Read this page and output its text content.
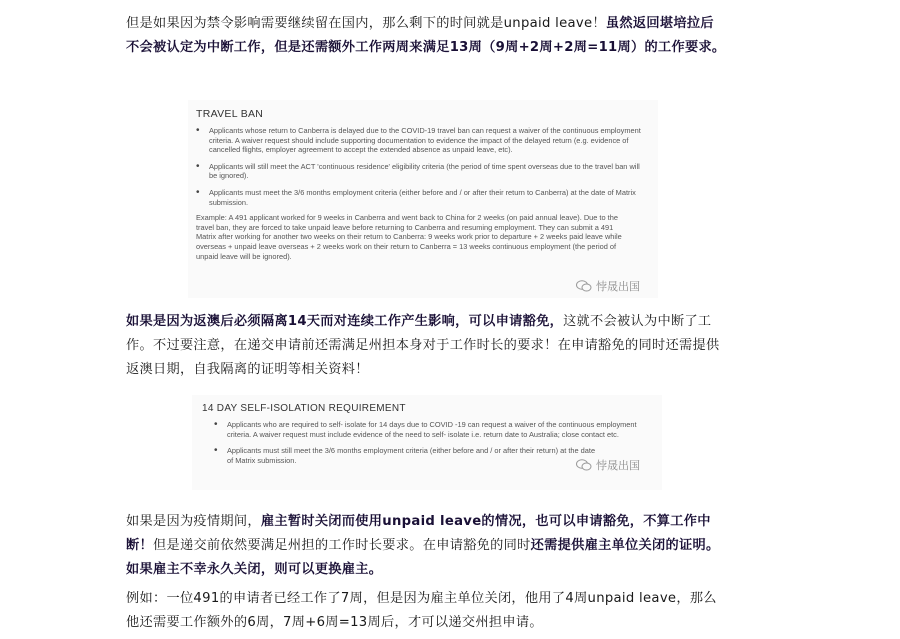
但是如果因为禁令影响需要继续留在国内，那么剩下的时间就是unpaid leave！虽然返回堪培拉后不会被认定为中断工作，但是还需额外工作两周来满足13周（9周+2周+2周=11周）的工作要求。
TRAVEL BAN
• Applicants whose return to Canberra is delayed due to the COVID-19 travel ban can request a waiver of the continuous employment criteria. A waiver request should include supporting documentation to evidence the impact of the delayed return (e.g. evidence of cancelled flights, employer agreement to accept the extended absence as unpaid leave, etc).
• Applicants will still meet the ACT 'continuous residence' eligibility criteria (the period of time spent overseas due to the travel ban will be ignored).
• Applicants must meet the 3/6 months employment criteria (either before and / or after their return to Canberra) at the date of Matrix submission.
Example: A 491 applicant worked for 9 weeks in Canberra and went back to China for 2 weeks (on paid annual leave). Due to the travel ban, they are forced to take unpaid leave before returning to Canberra and resuming employment. They can submit a 491 Matrix after working for another two weeks on their return to Canberra: 9 weeks work prior to departure + 2 weeks paid leave while overseas + unpaid leave overseas + 2 weeks work on their return to Canberra = 13 weeks continuous employment (the period of unpaid leave will be ignored).
悖晟出国
如果是因为返澳后必须隔离14天而对连续工作产生影响，可以申请豁免，这就不会被认为中断了工作。不过要注意，在递交申请前还需满足州担本身对于工作时长的要求！在申请豁免的同时还需提供返澳日期，自我隔离的证明等相关资料！
14 DAY SELF-ISOLATION REQUIREMENT
• Applicants who are required to self- isolate for 14 days due to COVID -19 can request a waiver of the continuous employment criteria. A waiver request must include evidence of the need to self- isolate i.e. return date to Australia; close contact etc.
• Applicants must still meet the 3/6 months employment criteria (either before and / or after their return) at the date of Matrix submission.	悖晟出国
如果是因为疫情期间，雇主暂时关闭而使用unpaid leave的情况，也可以申请豁免，不算工作中断！但是递交前依然要满足州担的工作时长要求。在申请豁免的同时还需提供雇主单位关闭的证明。如果雇主不幸永久关闭，则可以更换雇主。
例如：一位491的申请者已经工作了7周，但是因为雇主单位关闭，他用了4周unpaid leave，那么他还需要工作额外的6周，7周+6周=13周后，才可以递交州担申请。
